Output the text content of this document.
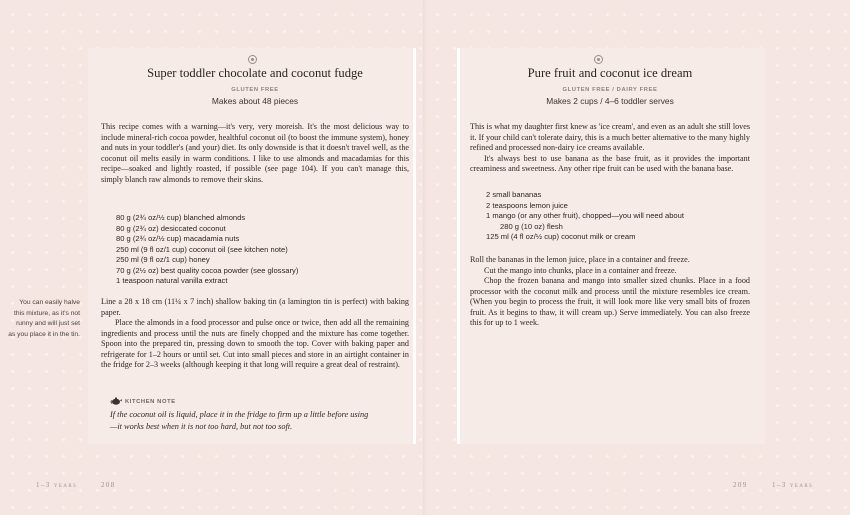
Super toddler chocolate and coconut fudge

GLUTEN FREE

Makes about 48 pieces

This recipe comes with a warning—it's very, very moreish. It's the most delicious way to include mineral-rich cocoa powder, healthful coconut oil (to boost the immune system), honey and nuts in your toddler's (and your) diet. Its only downside is that it doesn't travel well, as the coconut oil melts easily in warm conditions. I like to use almonds and macadamias for this recipe—soaked and lightly roasted, if possible (see page 104). If you can't manage this, simply blanch raw almonds to remove their skins.

80 g (2¾ oz/½ cup) blanched almonds
80 g (2¾ oz) desiccated coconut
80 g (2¾ oz/½ cup) macadamia nuts
250 ml (9 fl oz/1 cup) coconut oil (see kitchen note)
250 ml (9 fl oz/1 cup) honey
70 g (2½ oz) best quality cocoa powder (see glossary)
1 teaspoon natural vanilla extract

You can easily halve this mixture, as it's not runny and will just set as you place it in the tin.

Line a 28 x 18 cm (11¼ x 7 inch) shallow baking tin (a lamington tin is perfect) with baking paper.
Place the almonds in a food processor and pulse once or twice, then add all the remaining ingredients and process until the nuts are finely chopped and the mixture has come together. Spoon into the prepared tin, pressing down to smooth the top. Cover with baking paper and refrigerate for 1–2 hours or until set. Cut into small pieces and store in an airtight container in the fridge for 2–3 weeks (although keeping it that long will require a great deal of restraint).

KITCHEN NOTE

If the coconut oil is liquid, place it in the fridge to firm up a little before using—it works best when it is not too hard, but not too soft.

1–3 years	208

Pure fruit and coconut ice dream

GLUTEN FREE / DAIRY FREE

Makes 2 cups / 4–6 toddler serves

This is what my daughter first knew as 'ice cream', and even as an adult she still loves it. If your child can't tolerate dairy, this is a much better alternative to the many highly refined and processed non-dairy ice creams available.
It's always best to use banana as the base fruit, as it provides the important creaminess and sweetness. Any other ripe fruit can be used with the banana base.
2 small bananas
2 teaspoons lemon juice
1 mango (or any other fruit), chopped—you will need about
280 g (10 oz) flesh
125 ml (4 fl oz/½ cup) coconut milk or cream
Roll the bananas in the lemon juice, place in a container and freeze.
Cut the mango into chunks, place in a container and freeze.
Chop the frozen banana and mango into smaller sized chunks. Place in a food processor with the coconut milk and process until the mixture resembles ice cream. (When you begin to process the fruit, it will look more like very small bits of frozen fruit. As it begins to thaw, it will cream up.) Serve immediately. You can also freeze this for up to 1 week.

209	1–3 years
